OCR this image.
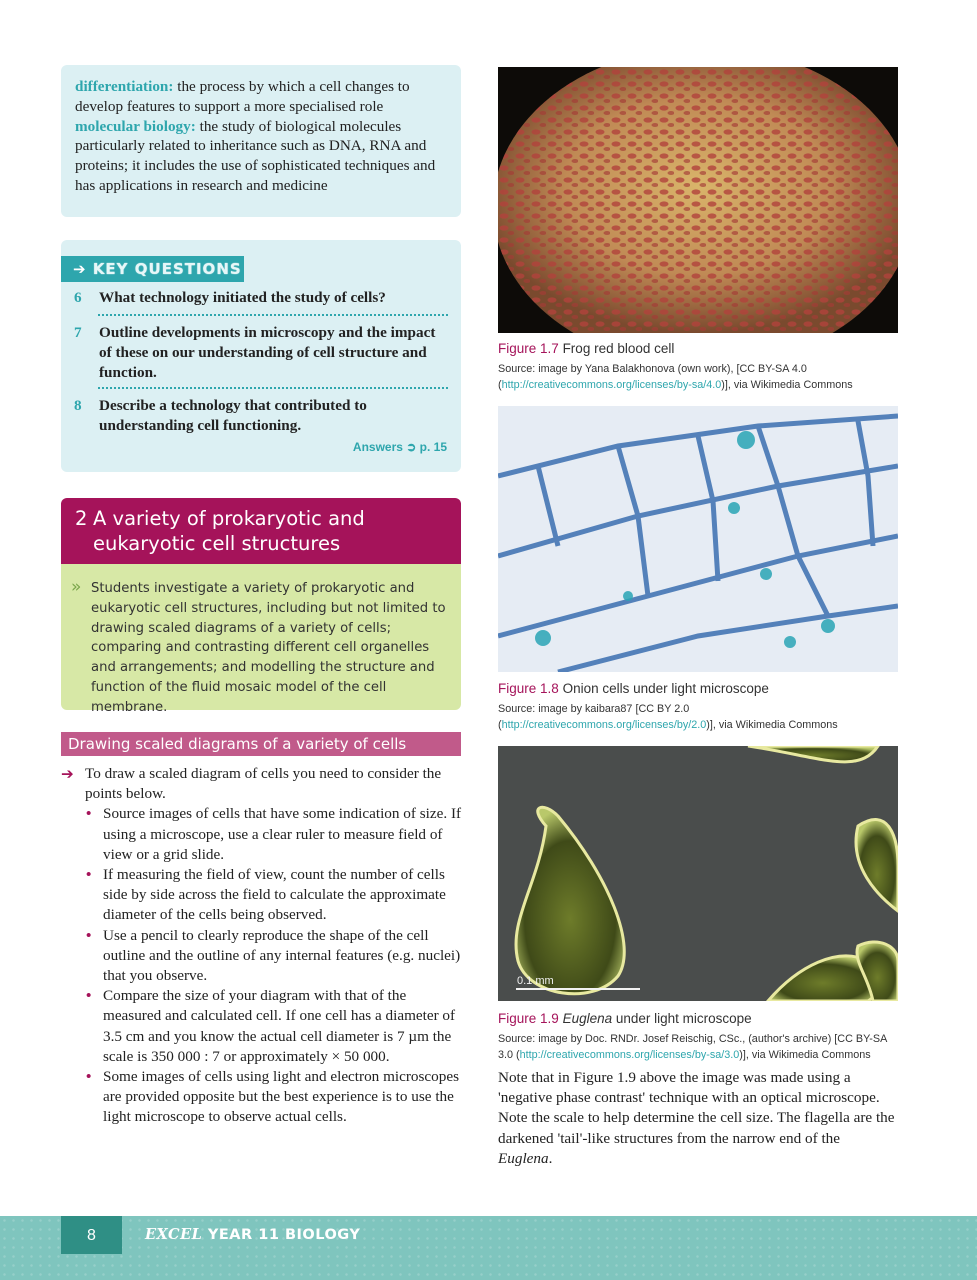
differentiation: the process by which a cell changes to develop features to support a more specialised role

molecular biology: the study of biological molecules particularly related to inheritance such as DNA, RNA and proteins; it includes the use of sophisticated techniques and has applications in research and medicine

➔ KEY QUESTIONS
6 What technology initiated the study of cells?
7 Outline developments in microscopy and the impact of these on our understanding of cell structure and function.
8 Describe a technology that contributed to understanding cell functioning.
Answers ➲ p. 15
2 A variety of prokaryotic and eukaryotic cell structures
» Students investigate a variety of prokaryotic and eukaryotic cell structures, including but not limited to drawing scaled diagrams of a variety of cells; comparing and contrasting different cell organelles and arrangements; and modelling the structure and function of the fluid mosaic model of the cell membrane.
Drawing scaled diagrams of a variety of cells
➔ To draw a scaled diagram of cells you need to consider the points below.
• Source images of cells that have some indication of size. If using a microscope, use a clear ruler to measure field of view or a grid slide.
• If measuring the field of view, count the number of cells side by side across the field to calculate the approximate diameter of the cells being observed.
• Use a pencil to clearly reproduce the shape of the cell outline and the outline of any internal features (e.g. nuclei) that you observe.
• Compare the size of your diagram with that of the measured and calculated cell. If one cell has a diameter of 3.5 cm and you know the actual cell diameter is 7 µm the scale is 350 000 : 7 or approximately × 50 000.
• Some images of cells using light and electron microscopes are provided opposite but the best experience is to use the light microscope to observe actual cells.
Figure 1.7 Frog red blood cell
Source: image by Yana Balakhonova (own work), [CC BY-SA 4.0
(http://creativecommons.org/licenses/by-sa/4.0)], via Wikimedia Commons
Figure 1.8 Onion cells under light microscope
Source: image by kaibara87 [CC BY 2.0 (http://creativecommons.org/licenses/by/2.0)], via Wikimedia Commons
0.1 mm
Figure 1.9 Euglena under light microscope
Source: image by Doc. RNDr. Josef Reischig, CSc., (author's archive) [CC BY-SA 3.0 (http://creativecommons.org/licenses/by-sa/3.0)], via Wikimedia Commons
Note that in Figure 1.9 above the image was made using a 'negative phase contrast' technique with an optical microscope. Note the scale to help determine the cell size. The flagella are the darkened 'tail'-like structures from the narrow end of the Euglena.
8	EXCEL YEAR 11 BIOLOGY
